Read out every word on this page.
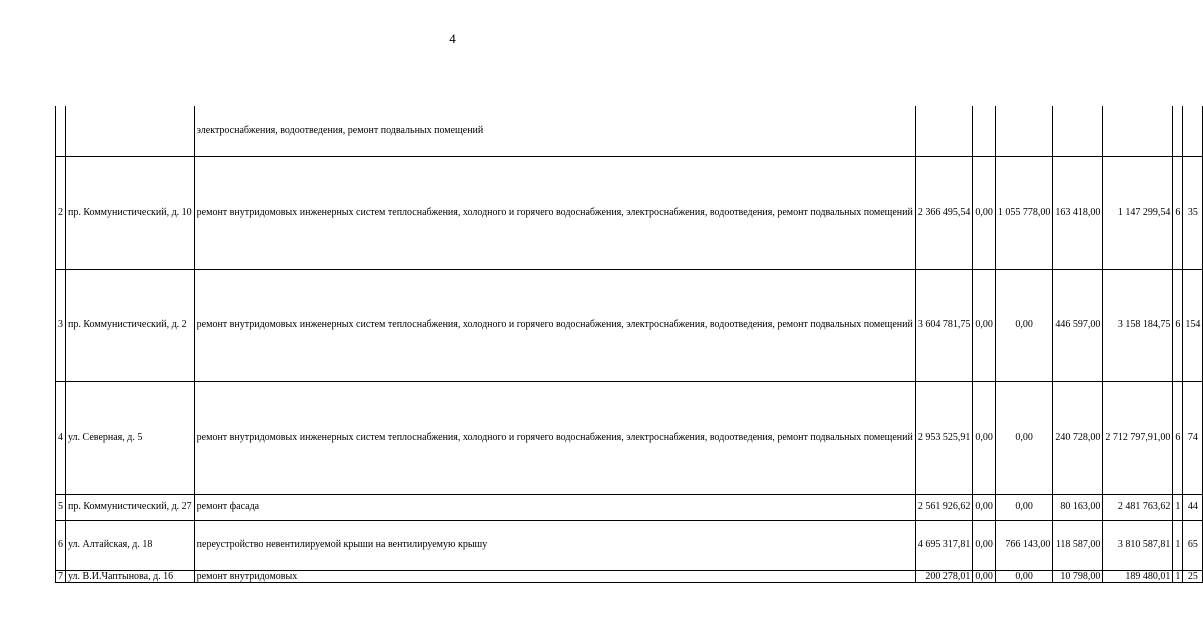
4
		электроснабжения, водоотведения, ремонт подвальных помещений							
2	пр. Коммунистический, д. 10	ремонт внутридомовых инженерных систем теплоснабжения, холодного и горячего водоснабжения, электроснабжения, водоотведения, ремонт подвальных помещений	2 366 495,54	0,00	1 055 778,00	163 418,00	1 147 299,54	6	35
3	пр. Коммунистический, д. 2	ремонт внутридомовых инженерных систем теплоснабжения, холодного и горячего водоснабжения, электроснабжения, водоотведения, ремонт подвальных помещений	3 604 781,75	0,00	0,00	446 597,00	3 158 184,75	6	154
4	ул. Северная, д. 5	ремонт внутридомовых инженерных систем теплоснабжения, холодного и горячего водоснабжения, электроснабжения, водоотведения, ремонт подвальных помещений	2 953 525,91	0,00	0,00	240 728,00	2 712 797,91,00	6	74
5	пр. Коммунистический, д. 27	ремонт фасада	2 561 926,62	0,00	0,00	80 163,00	2 481 763,62	1	44
6	ул. Алтайская, д. 18	переустройство невентилируемой крыши на вентилируемую крышу	4 695 317,81	0,00	766 143,00	118 587,00	3 810 587,81	1	65
7	ул. В.И.Чаптынова, д. 16	ремонт внутридомовых	200 278,01	0,00	0,00	10 798,00	189 480,01	1	25
